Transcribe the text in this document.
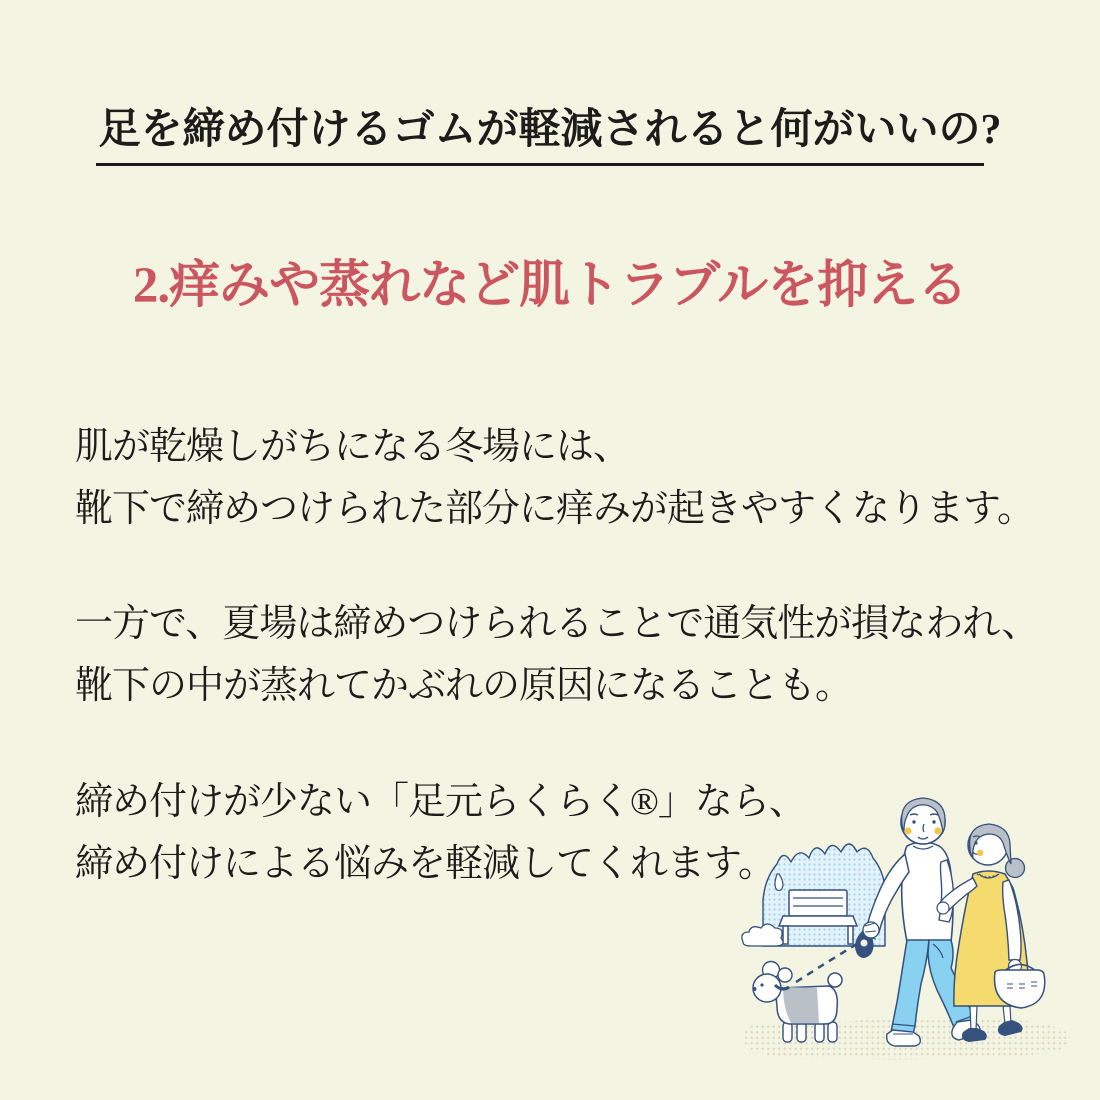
足を締め付けるゴムが軽減されると何がいいの?
2.痒みや蒸れなど肌トラブルを抑える

肌が乾燥しがちになる冬場には、
靴下で締めつけられた部分に痒みが起きやすくなります。

一方で、夏場は締めつけられることで通気性が損なわれ、
靴下の中が蒸れてかぶれの原因になることも。

締め付けが少ない「足元らくらく®」なら、
締め付けによる悩みを軽減してくれます。
